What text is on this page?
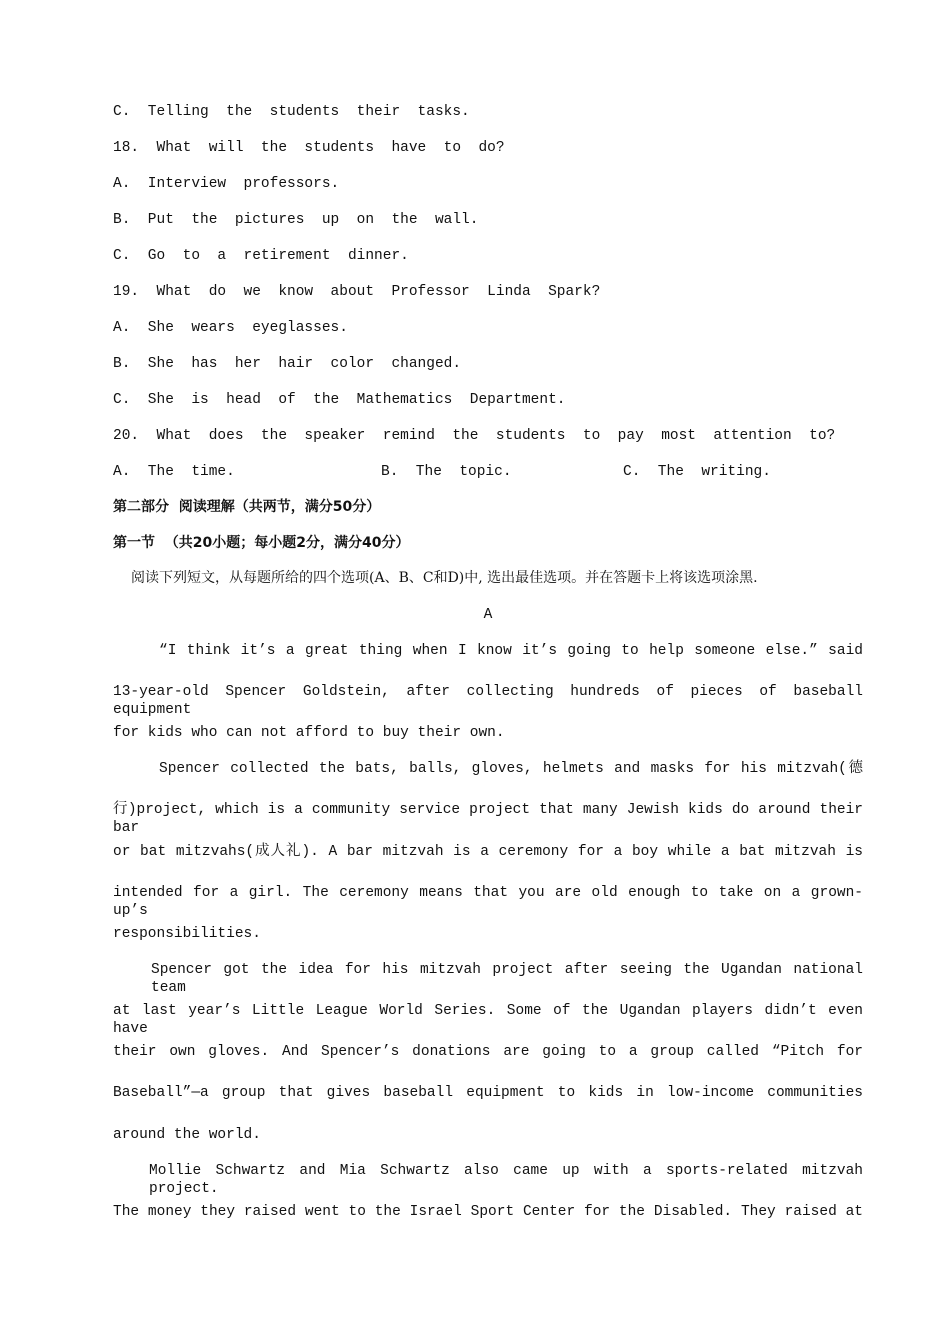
C.  Telling  the  students  their  tasks.
18.  What  will  the  students  have  to  do?
A.  Interview  professors.
B.  Put  the  pictures  up  on  the  wall.
C.  Go  to  a  retirement  dinner.
19.  What  do  we  know  about  Professor  Linda  Spark?
A.  She  wears  eyeglasses.
B.  She  has  her  hair  color  changed.
C.  She  is  head  of  the  Mathematics  Department.
20.  What  does  the  speaker  remind  the  students  to  pay  most  attention  to?
A.  The  time.	B.  The  topic.	C.  The  writing.
第二部分  阅读理解（共两节，满分50分）
第一节  （共20小题；每小题2分，满分40分）
阅读下列短文，从每题所给的四个选项(A、B、C和D)中, 选出最佳选项。并在答题卡上将该选项涂黑.
A
“I think it’s a great thing when I know it’s going to help someone else.” said
13-year-old Spencer Goldstein, after collecting hundreds of pieces of baseball equipment
for kids who can not afford to buy their own.
Spencer collected the bats, balls, gloves, helmets and masks for his mitzvah(德
行)project, which is a community service project that many Jewish kids do around their bar
or bat mitzvahs(成人礼). A bar mitzvah is a ceremony for a boy while a bat mitzvah is
intended for a girl. The ceremony means that you are old enough to take on a grown-up’s
responsibilities.
Spencer got the idea for his mitzvah project after seeing the Ugandan national team
at last year’s Little League World Series. Some of the Ugandan players didn’t even have
their own gloves. And Spencer’s donations are going to a group called “Pitch for
Baseball”—a group that gives baseball equipment to kids in low-income communities
around the world.
Mollie Schwartz and Mia Schwartz also came up with a sports-related mitzvah project.
The money they raised went to the Israel Sport Center for the Disabled. They raised at
